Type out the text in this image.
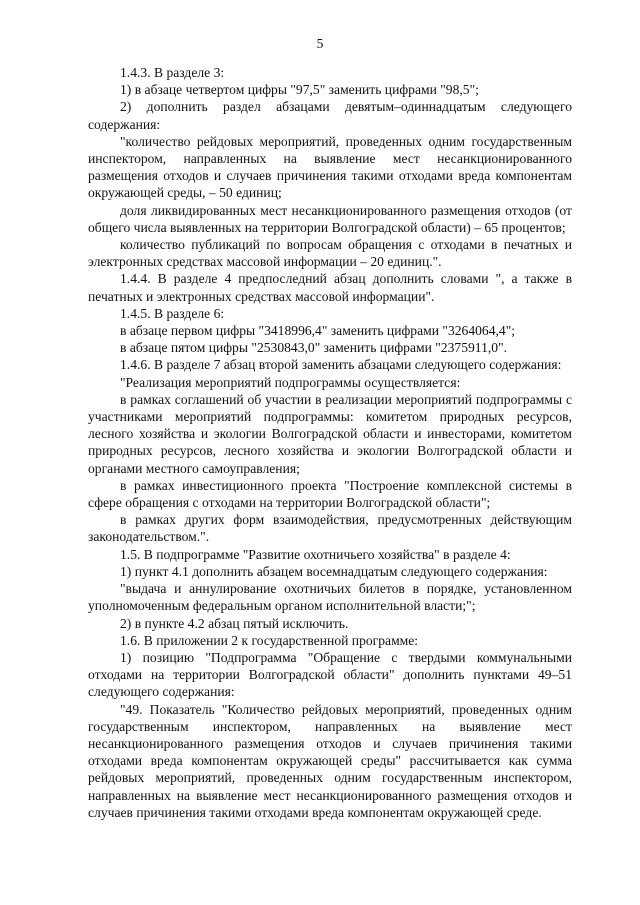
5

1.4.3. В разделе 3:

1) в абзаце четвертом цифры "97,5" заменить цифрами "98,5";

2) дополнить раздел абзацами девятым–одиннадцатым следующего содержания:

"количество рейдовых мероприятий, проведенных одним государственным инспектором, направленных на выявление мест несанкционированного размещения отходов и случаев причинения такими отходами вреда компонентам окружающей среды, – 50 единиц;

доля ликвидированных мест несанкционированного размещения отходов (от общего числа выявленных на территории Волгоградской области) – 65 процентов;

количество публикаций по вопросам обращения с отходами в печатных и электронных средствах массовой информации – 20 единиц.".

1.4.4. В разделе 4 предпоследний абзац дополнить словами ", а также в печатных и электронных средствах массовой информации".

1.4.5. В разделе 6:

в абзаце первом цифры "3418996,4" заменить цифрами "3264064,4";

в абзаце пятом цифры "2530843,0" заменить цифрами "2375911,0".

1.4.6. В разделе 7 абзац второй заменить абзацами следующего содержания:

"Реализация мероприятий подпрограммы осуществляется:

в рамках соглашений об участии в реализации мероприятий подпрограммы с участниками мероприятий подпрограммы: комитетом природных ресурсов, лесного хозяйства и экологии Волгоградской области и инвесторами, комитетом природных ресурсов, лесного хозяйства и экологии Волгоградской области и органами местного самоуправления;

в рамках инвестиционного проекта "Построение комплексной системы в сфере обращения с отходами на территории Волгоградской области";

в рамках других форм взаимодействия, предусмотренных действующим законодательством.".

1.5. В подпрограмме "Развитие охотничьего хозяйства" в разделе 4:

1) пункт 4.1 дополнить абзацем восемнадцатым следующего содержания:

"выдача и аннулирование охотничьих билетов в порядке, установленном уполномоченным федеральным органом исполнительной власти;";

2) в пункте 4.2 абзац пятый исключить.

1.6. В приложении 2 к государственной программе:

1) позицию "Подпрограмма "Обращение с твердыми коммунальными отходами на территории Волгоградской области" дополнить пунктами 49–51 следующего содержания:

"49. Показатель "Количество рейдовых мероприятий, проведенных одним государственным инспектором, направленных на выявление мест несанкционированного размещения отходов и случаев причинения такими отходами вреда компонентам окружающей среды" рассчитывается как сумма рейдовых мероприятий, проведенных одним государственным инспектором, направленных на выявление мест несанкционированного размещения отходов и случаев причинения такими отходами вреда компонентам окружающей среде.
